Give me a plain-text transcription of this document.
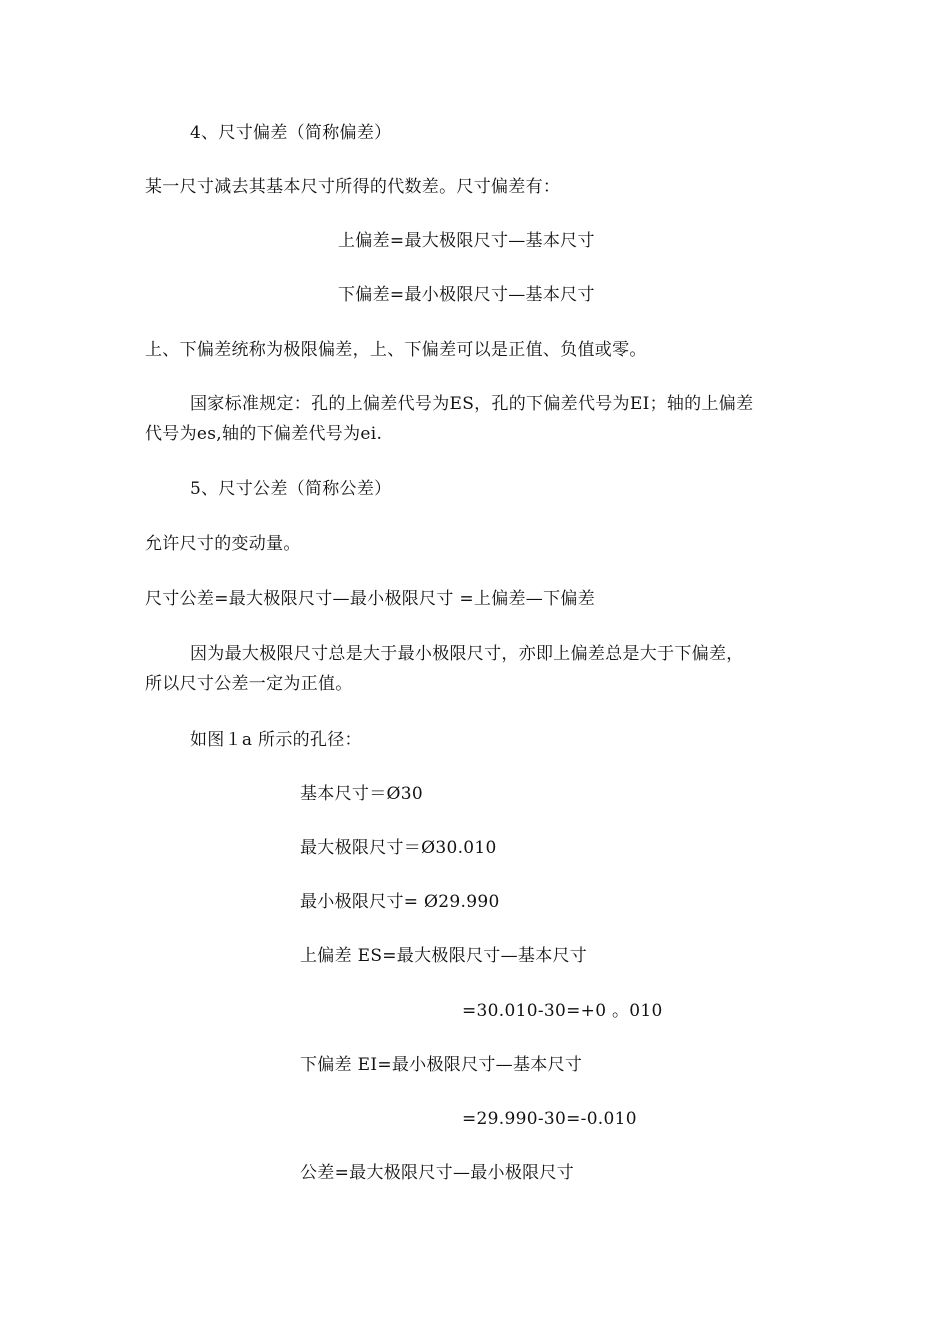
4、尺寸偏差（简称偏差）
某一尺寸减去其基本尺寸所得的代数差。尺寸偏差有：
上偏差=最大极限尺寸—基本尺寸
下偏差=最小极限尺寸—基本尺寸
上、下偏差统称为极限偏差，上、下偏差可以是正值、负值或零。
国家标准规定：孔的上偏差代号为ES，孔的下偏差代号为EI；轴的上偏差
代号为es,轴的下偏差代号为ei.
5、尺寸公差（简称公差）
允许尺寸的变动量。
尺寸公差=最大极限尺寸—最小极限尺寸 =上偏差—下偏差
因为最大极限尺寸总是大于最小极限尺寸，亦即上偏差总是大于下偏差，
所以尺寸公差一定为正值。
如图１a 所示的孔径：
基本尺寸＝Ø30
最大极限尺寸＝Ø30.010
最小极限尺寸= Ø29.990
上偏差 ES=最大极限尺寸—基本尺寸
=30.010-30=+0 。010
下偏差 EI=最小极限尺寸—基本尺寸
=29.990-30=-0.010
公差=最大极限尺寸—最小极限尺寸
